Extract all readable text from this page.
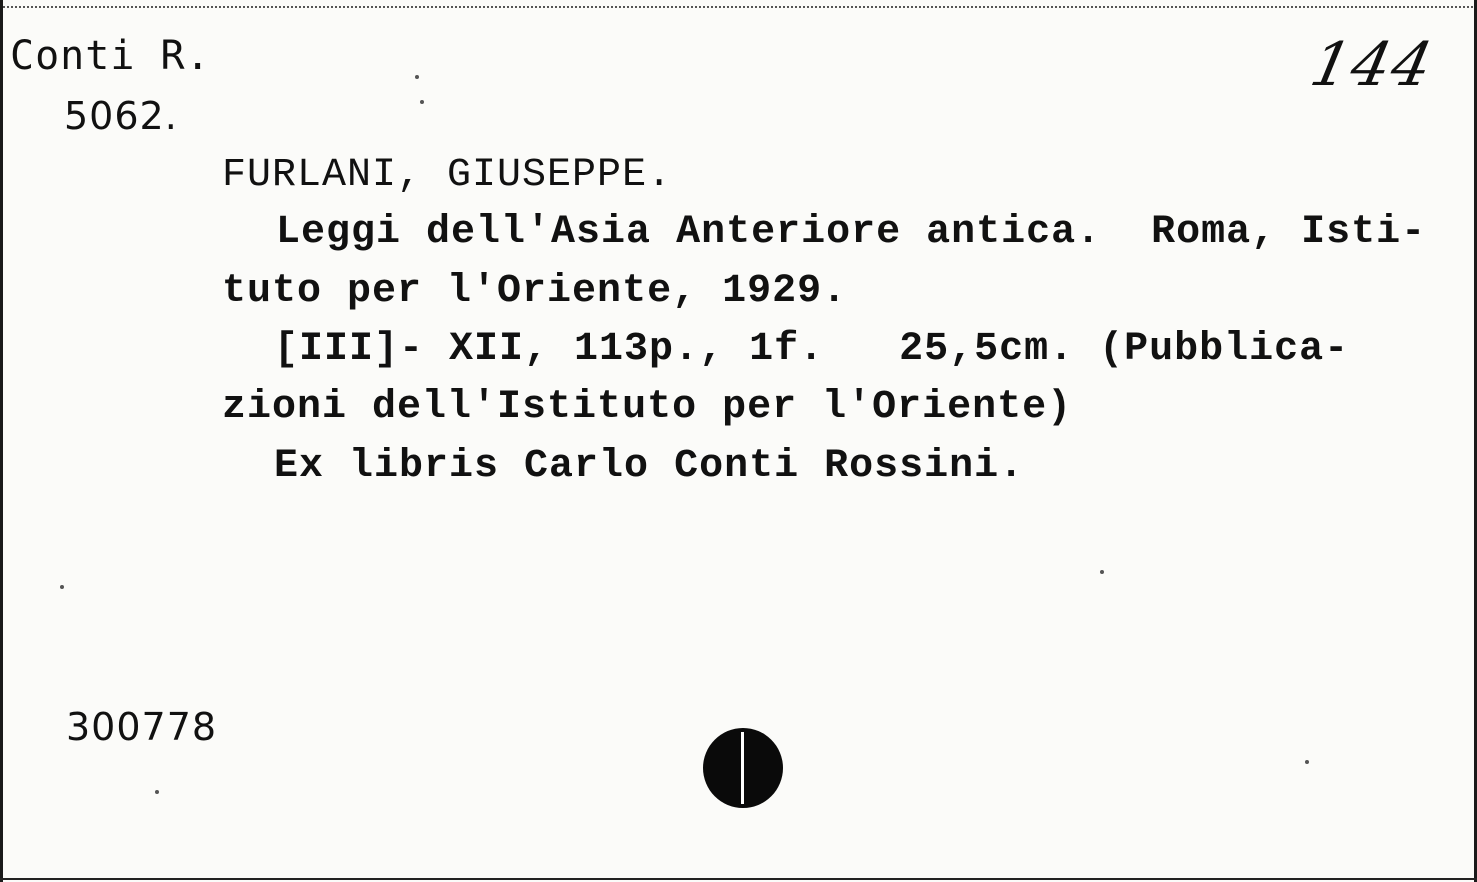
Conti R.
5062.
144
FURLANI, GIUSEPPE.
Leggi dell'Asia Anteriore antica.  Roma, Isti-
tuto per l'Oriente, 1929.
[III]- XII, 113p., 1f.   25,5cm. (Pubblica-
zioni dell'Istituto per l'Oriente)
Ex libris Carlo Conti Rossini.
300778
